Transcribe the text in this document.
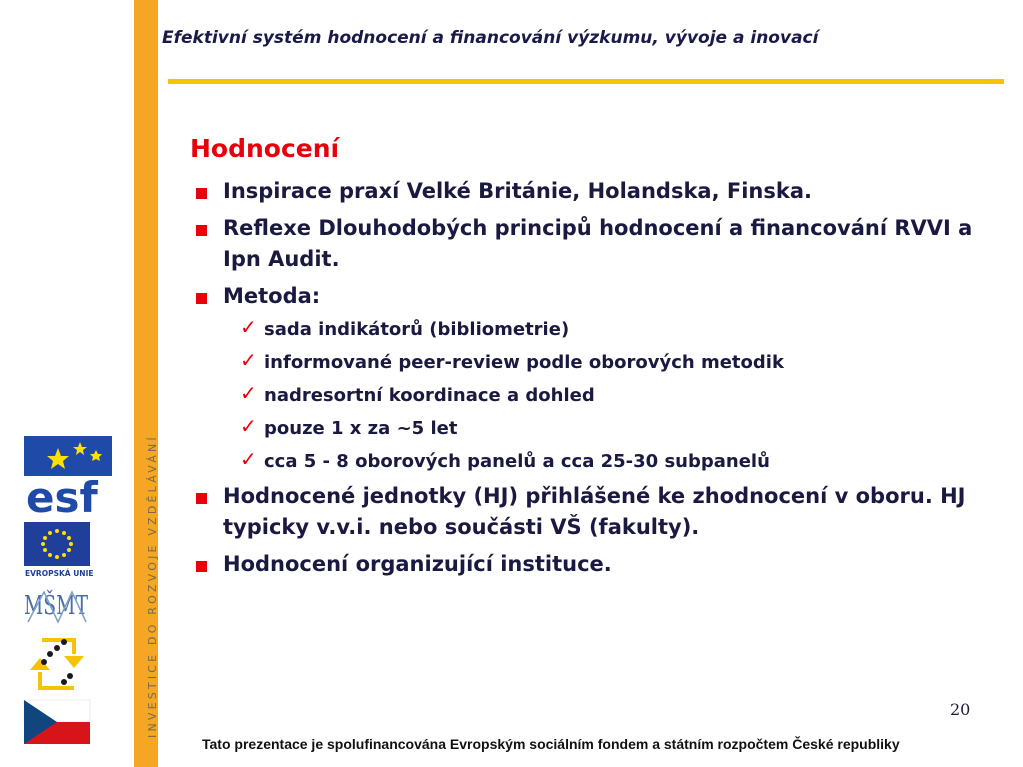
INVESTICE DO ROZVOJE VZDĚLÁVÁNÍ
Efektivní systém hodnocení a financování výzkumu, vývoje a inovací
esf
EVROPSKÁ UNIE
MŠMT
Hodnocení
Inspirace praxí Velké Británie, Holandska, Finska.
Reflexe Dlouhodobých principů hodnocení a financování RVVI a Ipn Audit.
Metoda:
✓ sada indikátorů (bibliometrie)
✓ informované peer-review podle oborových metodik
✓ nadresortní koordinace a dohled
✓ pouze 1 x za ~5 let
✓ cca 5 - 8 oborových panelů a cca 25-30 subpanelů
Hodnocené jednotky (HJ) přihlášené ke zhodnocení v oboru. HJ typicky v.v.i. nebo součásti VŠ (fakulty).
Hodnocení organizující instituce.
20
Tato prezentace je spolufinancována Evropským sociálním fondem a státním rozpočtem České republiky
